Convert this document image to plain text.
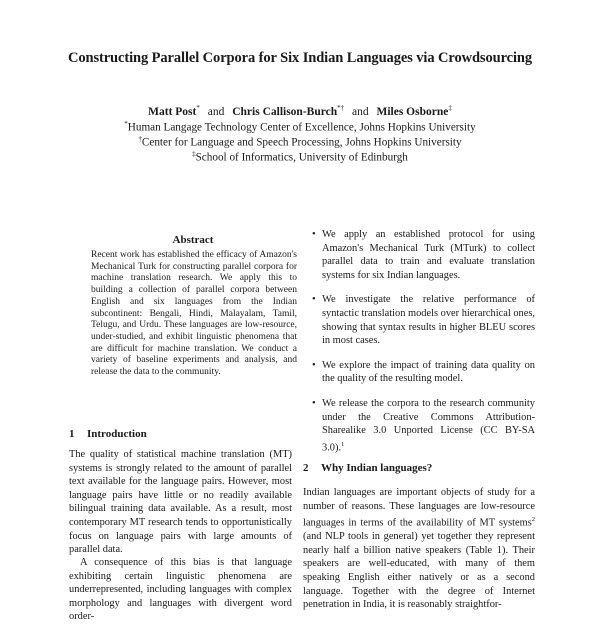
Constructing Parallel Corpora for Six Indian Languages via Crowdsourcing
Matt Post* and Chris Callison-Burch*† and Miles Osborne‡
*Human Langage Technology Center of Excellence, Johns Hopkins University
†Center for Language and Speech Processing, Johns Hopkins University
‡School of Informatics, University of Edinburgh
Abstract
Recent work has established the efficacy of Amazon's Mechanical Turk for constructing parallel corpora for machine translation research. We apply this to building a collection of parallel corpora between English and six languages from the Indian subcontinent: Bengali, Hindi, Malayalam, Tamil, Telugu, and Urdu. These languages are low-resource, under-studied, and exhibit linguistic phenomena that are difficult for machine translation. We conduct a variety of baseline experiments and analysis, and release the data to the community.
1 Introduction
The quality of statistical machine translation (MT) systems is strongly related to the amount of parallel text available for the language pairs. However, most language pairs have little or no readily available bilingual training data available. As a result, most contemporary MT research tends to opportunistically focus on language pairs with large amounts of parallel data.
A consequence of this bias is that language exhibiting certain linguistic phenomena are underrepresented, including languages with complex morphology and languages with divergent word order-
• We apply an established protocol for using Amazon's Mechanical Turk (MTurk) to collect parallel data to train and evaluate translation systems for six Indian languages.
• We investigate the relative performance of syntactic translation models over hierarchical ones, showing that syntax results in higher BLEU scores in most cases.
• We explore the impact of training data quality on the quality of the resulting model.
• We release the corpora to the research community under the Creative Commons Attribution-Sharealike 3.0 Unported License (CC BY-SA 3.0).$^1$
2 Why Indian languages?
Indian languages are important objects of study for a number of reasons. These languages are low-resource languages in terms of the availability of MT systems$^2$ (and NLP tools in general) yet together they represent nearly half a billion native speakers (Table 1). Their speakers are well-educated, with many of them speaking English either natively or as a second language. Together with the degree of Internet penetration in India, it is reasonably straightfor-
